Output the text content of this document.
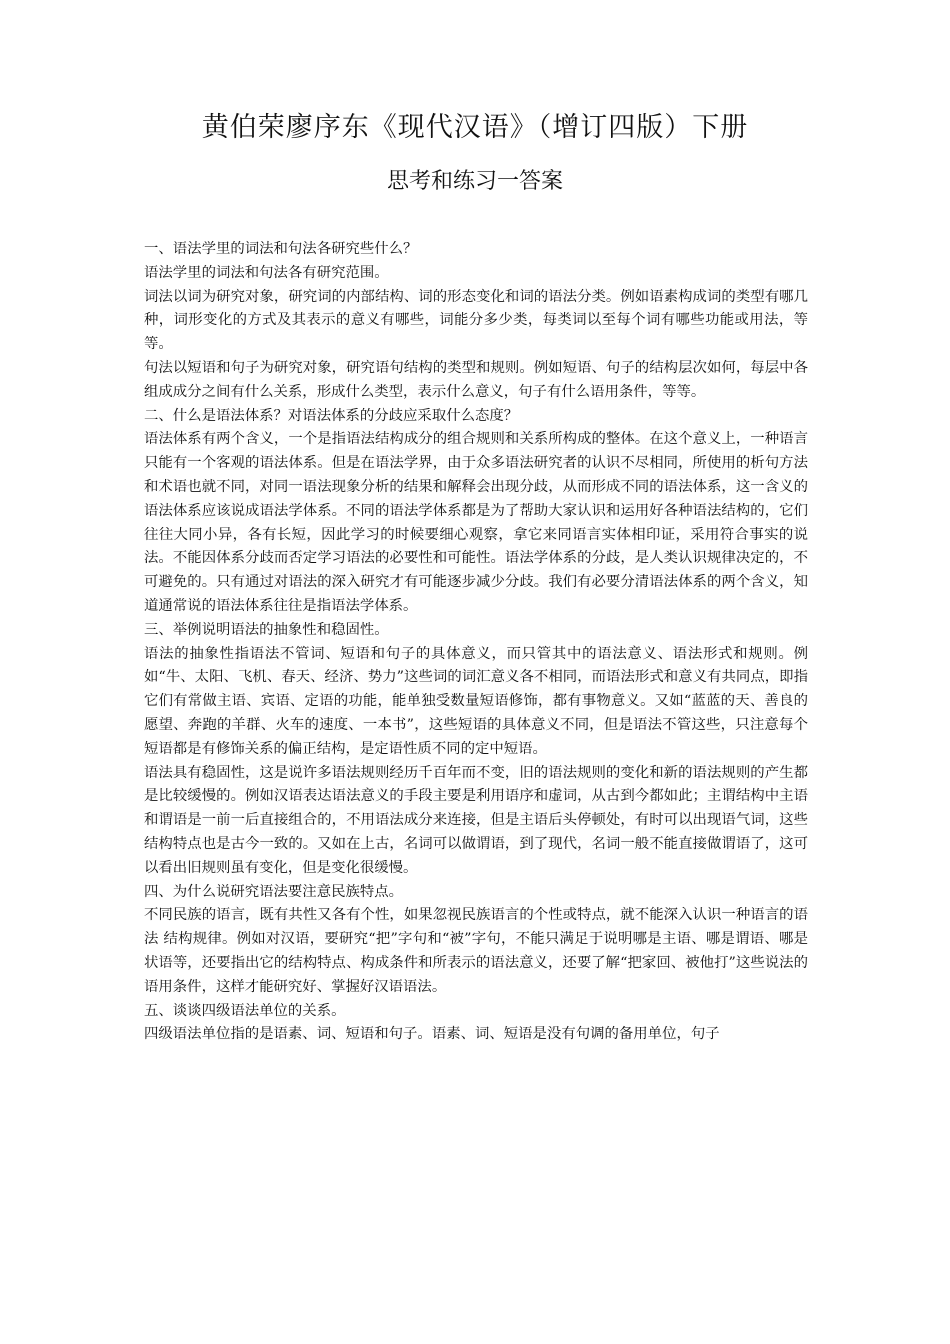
黄伯荣廖序东《现代汉语》（增订四版）下册
思考和练习一答案

一、语法学里的词法和句法各研究些什么？

语法学里的词法和句法各有研究范围。

词法以词为研究对象，研究词的内部结构、词的形态变化和词的语法分类。例如语素构成词的类型有哪几种，词形变化的方式及其表示的意义有哪些，词能分多少类，每类词以至每个词有哪些功能或用法，等等。

句法以短语和句子为研究对象，研究语句结构的类型和规则。例如短语、句子的结构层次如何，每层中各组成成分之间有什么关系，形成什么类型，表示什么意义，句子有什么语用条件，等等。

二、什么是语法体系？对语法体系的分歧应采取什么态度？

语法体系有两个含义，一个是指语法结构成分的组合规则和关系所构成的整体。在这个意义上，一种语言只能有一个客观的语法体系。但是在语法学界，由于众多语法研究者的认识不尽相同，所使用的析句方法和术语也就不同，对同一语法现象分析的结果和解释会出现分歧，从而形成不同的语法体系，这一含义的语法体系应该说成语法学体系。不同的语法学体系都是为了帮助大家认识和运用好各种语法结构的，它们往往大同小异，各有长短，因此学习的时候要细心观察，拿它来同语言实体相印证，采用符合事实的说法。不能因体系分歧而否定学习语法的必要性和可能性。语法学体系的分歧，是人类认识规律决定的，不可避免的。只有通过对语法的深入研究才有可能逐步减少分歧。我们有必要分清语法体系的两个含义，知道通常说的语法体系往往是指语法学体系。

三、举例说明语法的抽象性和稳固性。

语法的抽象性指语法不管词、短语和句子的具体意义，而只管其中的语法意义、语法形式和规则。例如“牛、太阳、飞机、春天、经济、势力”这些词的词汇意义各不相同，而语法形式和意义有共同点，即指它们有常做主语、宾语、定语的功能，能单独受数量短语修饰，都有事物意义。又如“蓝蓝的天、善良的愿望、奔跑的羊群、火车的速度、一本书”，这些短语的具体意义不同，但是语法不管这些，只注意每个短语都是有修饰关系的偏正结构，是定语性质不同的定中短语。

语法具有稳固性，这是说许多语法规则经历千百年而不变，旧的语法规则的变化和新的语法规则的产生都是比较缓慢的。例如汉语表达语法意义的手段主要是利用语序和虚词，从古到今都如此；主谓结构中主语和谓语是一前一后直接组合的，不用语法成分来连接，但是主语后头停顿处，有时可以出现语气词，这些结构特点也是古今一致的。又如在上古，名词可以做谓语，到了现代，名词一般不能直接做谓语了，这可以看出旧规则虽有变化，但是变化很缓慢。

四、为什么说研究语法要注意民族特点。

不同民族的语言，既有共性又各有个性，如果忽视民族语言的个性或特点，就不能深入认识一种语言的语法 结构规律。例如对汉语，要研究“把”字句和“被”字句，不能只满足于说明哪是主语、哪是谓语、哪是状语等，还要指出它的结构特点、构成条件和所表示的语法意义，还要了解“把家回、被他打”这些说法的语用条件，这样才能研究好、掌握好汉语语法。

五、谈谈四级语法单位的关系。

四级语法单位指的是语素、词、短语和句子。语素、词、短语是没有句调的备用单位，句子
